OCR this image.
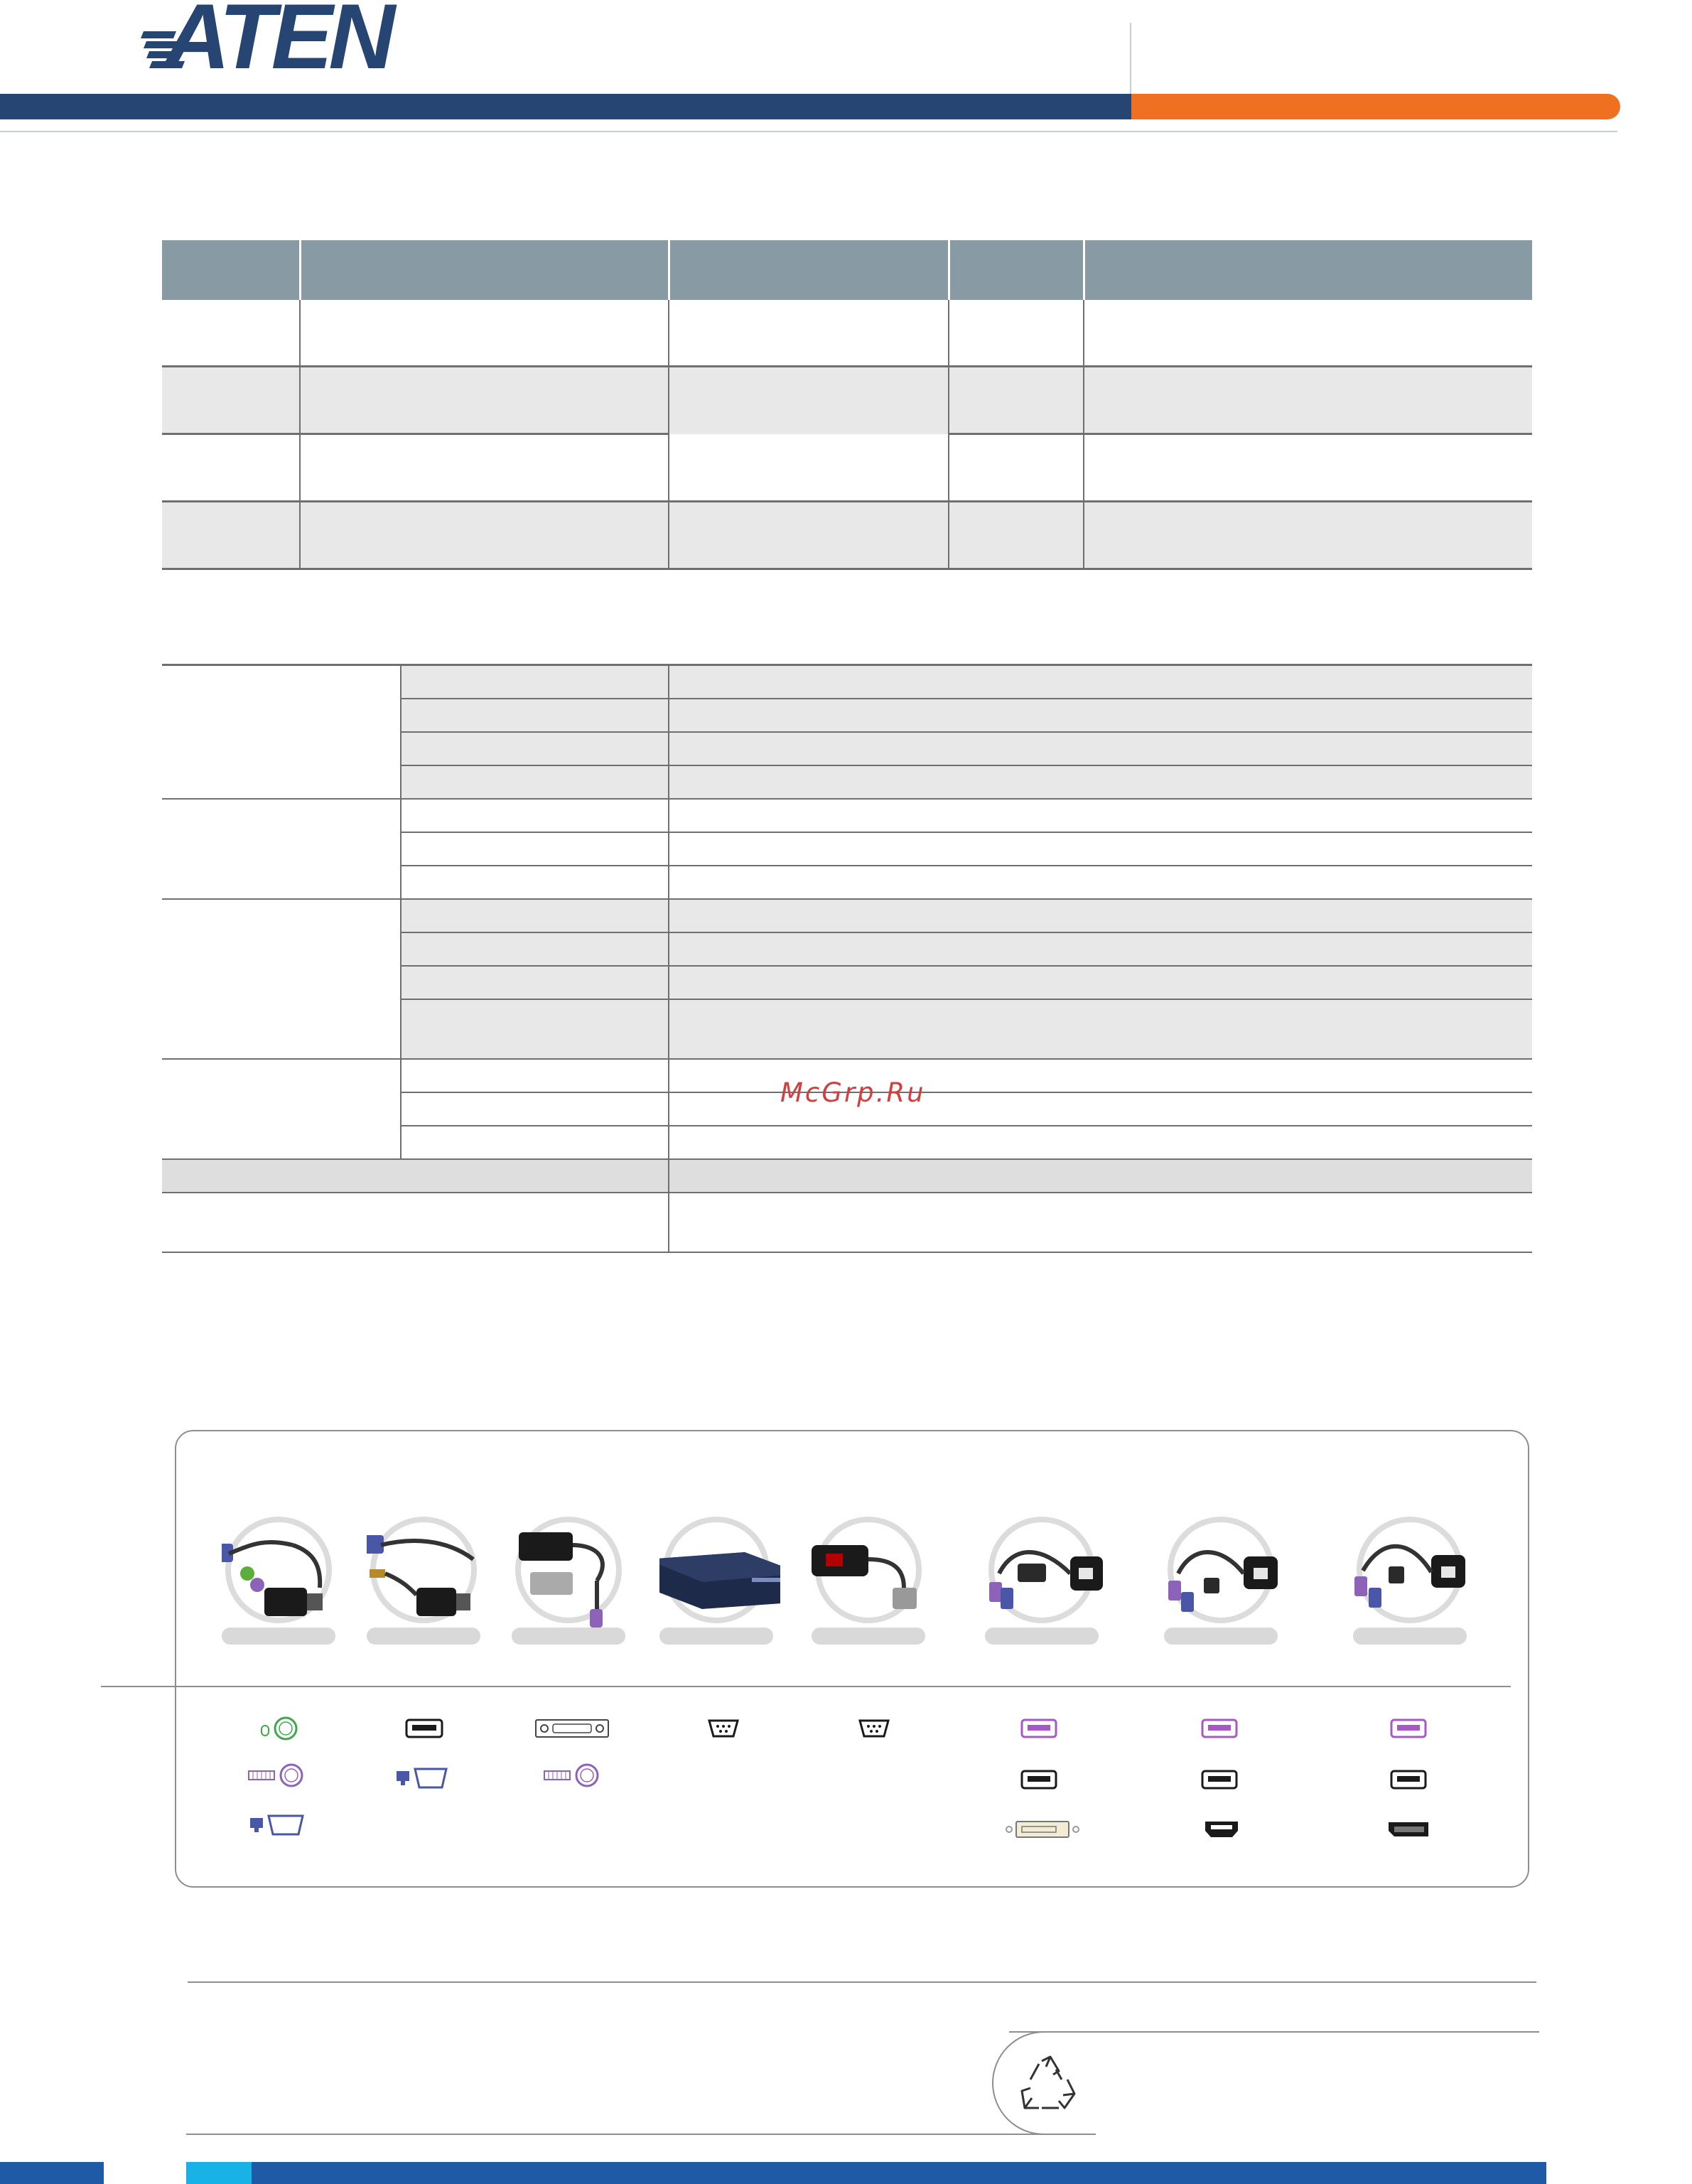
ATEN

McGrp.Ru
